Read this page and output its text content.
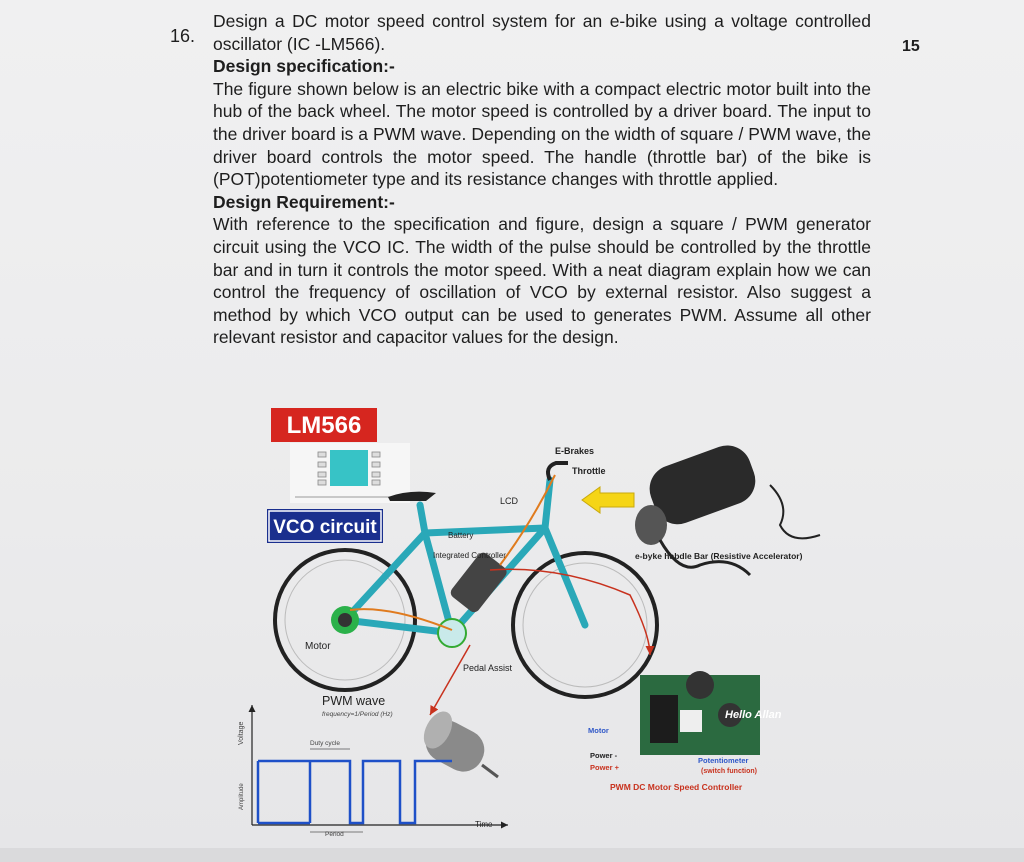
16.
15

Design a DC motor speed control system for an e-bike using a voltage controlled oscillator (IC -LM566).

Design specification:-

The figure shown below is an electric bike with a compact electric motor built into the hub of the back wheel. The motor speed is controlled by a driver board. The input to the driver board is a PWM wave. Depending on the width of square / PWM wave, the driver board controls the motor speed. The handle (throttle bar) of the bike is (POT)potentiometer type and its resistance changes with throttle applied.

Design Requirement:-

With reference to the specification and figure, design a square / PWM generator circuit using the VCO IC. The width of the pulse should be controlled by the throttle bar and in turn it controls the motor speed. With a neat diagram explain how we can control the frequency of oscillation of VCO by external resistor. Also suggest a method by which VCO output can be used to generates PWM. Assume all other relevant resistor and capacitor values for the design.

LM566
VCO circuit
E-Brakes
Throttle
LCD
Battery
Integrated Controller
Motor
Pedal Assist
e-byke habdle Bar (Resistive Accelerator)
Hello Allan
Motor
Power -
Power +
Potentiometer
(switch function)
PWM DC Motor Speed Controller
PWM wave
frequency=1/Period (Hz)
Duty cycle
Period
Time
Voltage
Amplitude
